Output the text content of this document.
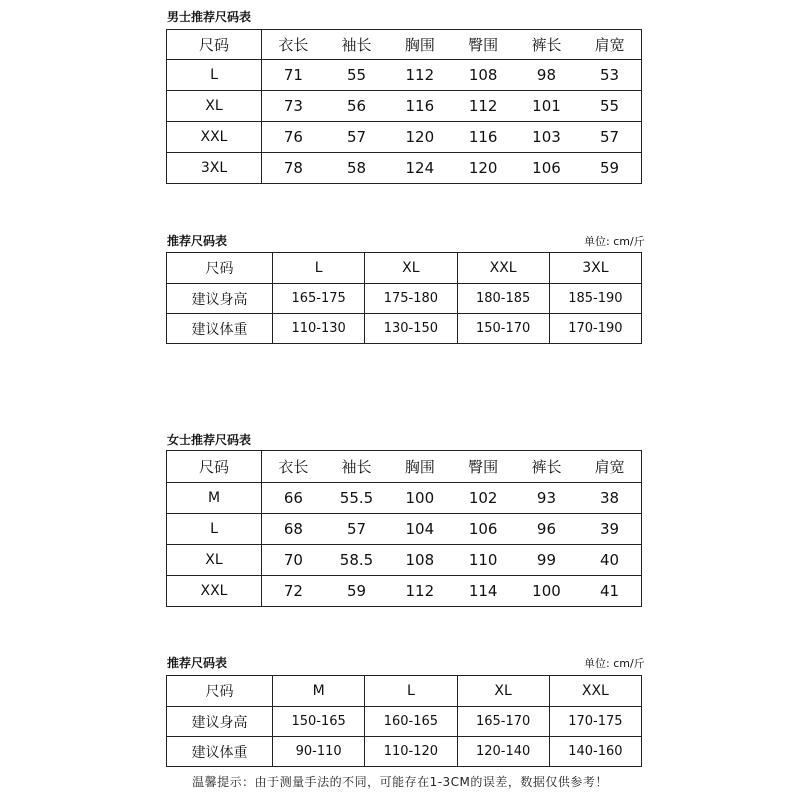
男士推荐尺码表
尺码	衣长	袖长	胸围	臀围	裤长	肩宽
L	71	55	112	108	98	53
XL	73	56	116	112	101	55
XXL	76	57	120	116	103	57
3XL	78	58	124	120	106	59
推荐尺码表	单位: cm/斤
尺码	L	XL	XXL	3XL
建议身高	165-175	175-180	180-185	185-190
建议体重	110-130	130-150	150-170	170-190
女士推荐尺码表
尺码	衣长	袖长	胸围	臀围	裤长	肩宽
M	66	55.5	100	102	93	38
L	68	57	104	106	96	39
XL	70	58.5	108	110	99	40
XXL	72	59	112	114	100	41
推荐尺码表	单位: cm/斤
尺码	M	L	XL	XXL
建议身高	150-165	160-165	165-170	170-175
建议体重	90-110	110-120	120-140	140-160
温馨提示：由于测量手法的不同，可能存在1-3CM的误差，数据仅供参考！
